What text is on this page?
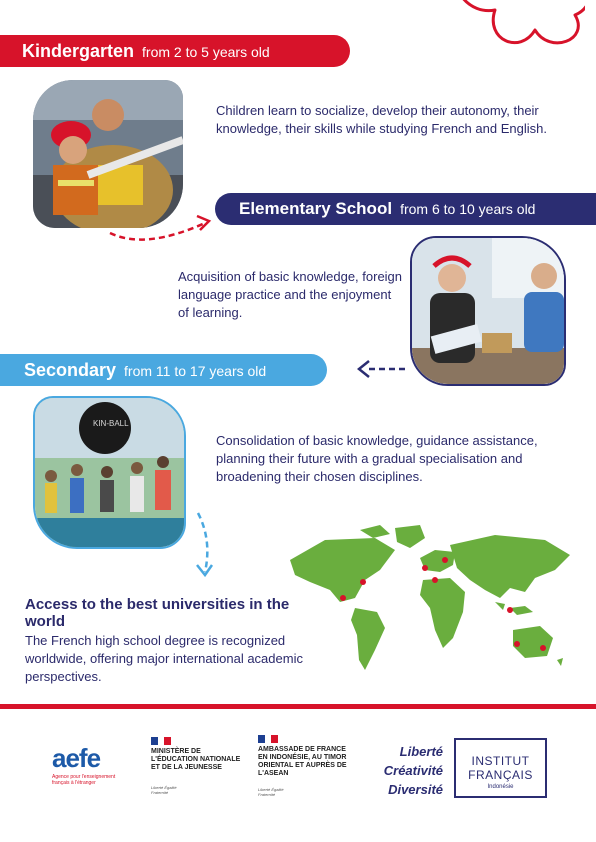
Kindergarten from 2 to 5 years old
Children learn to socialize, develop their autonomy, their knowledge, their skills while studying French and English.
Elementary School from 6 to 10 years old
Acquisition of basic knowledge, foreign language practice and the enjoyment of learning.
Secondary from 11 to 17 years old
KIN-BALL
Consolidation of basic knowledge, guidance assistance, planning their future with a gradual specialisation and broadening their chosen disciplines.
Access to the best universities in the world
The French high school degree is recognized worldwide, offering major international academic perspectives.
aefe
Agence pour l'enseignement français à l'étranger
MINISTÈRE DE L'ÉDUCATION NATIONALE ET DE LA JEUNESSE
Liberté Égalité Fraternité
AMBASSADE DE FRANCE EN INDONÉSIE, AU TIMOR ORIENTAL ET AUPRÈS DE L'ASEAN
Liberté Égalité Fraternité
Liberté
Créativité
Diversité
INSTITUT
FRANÇAIS
Indonésie
